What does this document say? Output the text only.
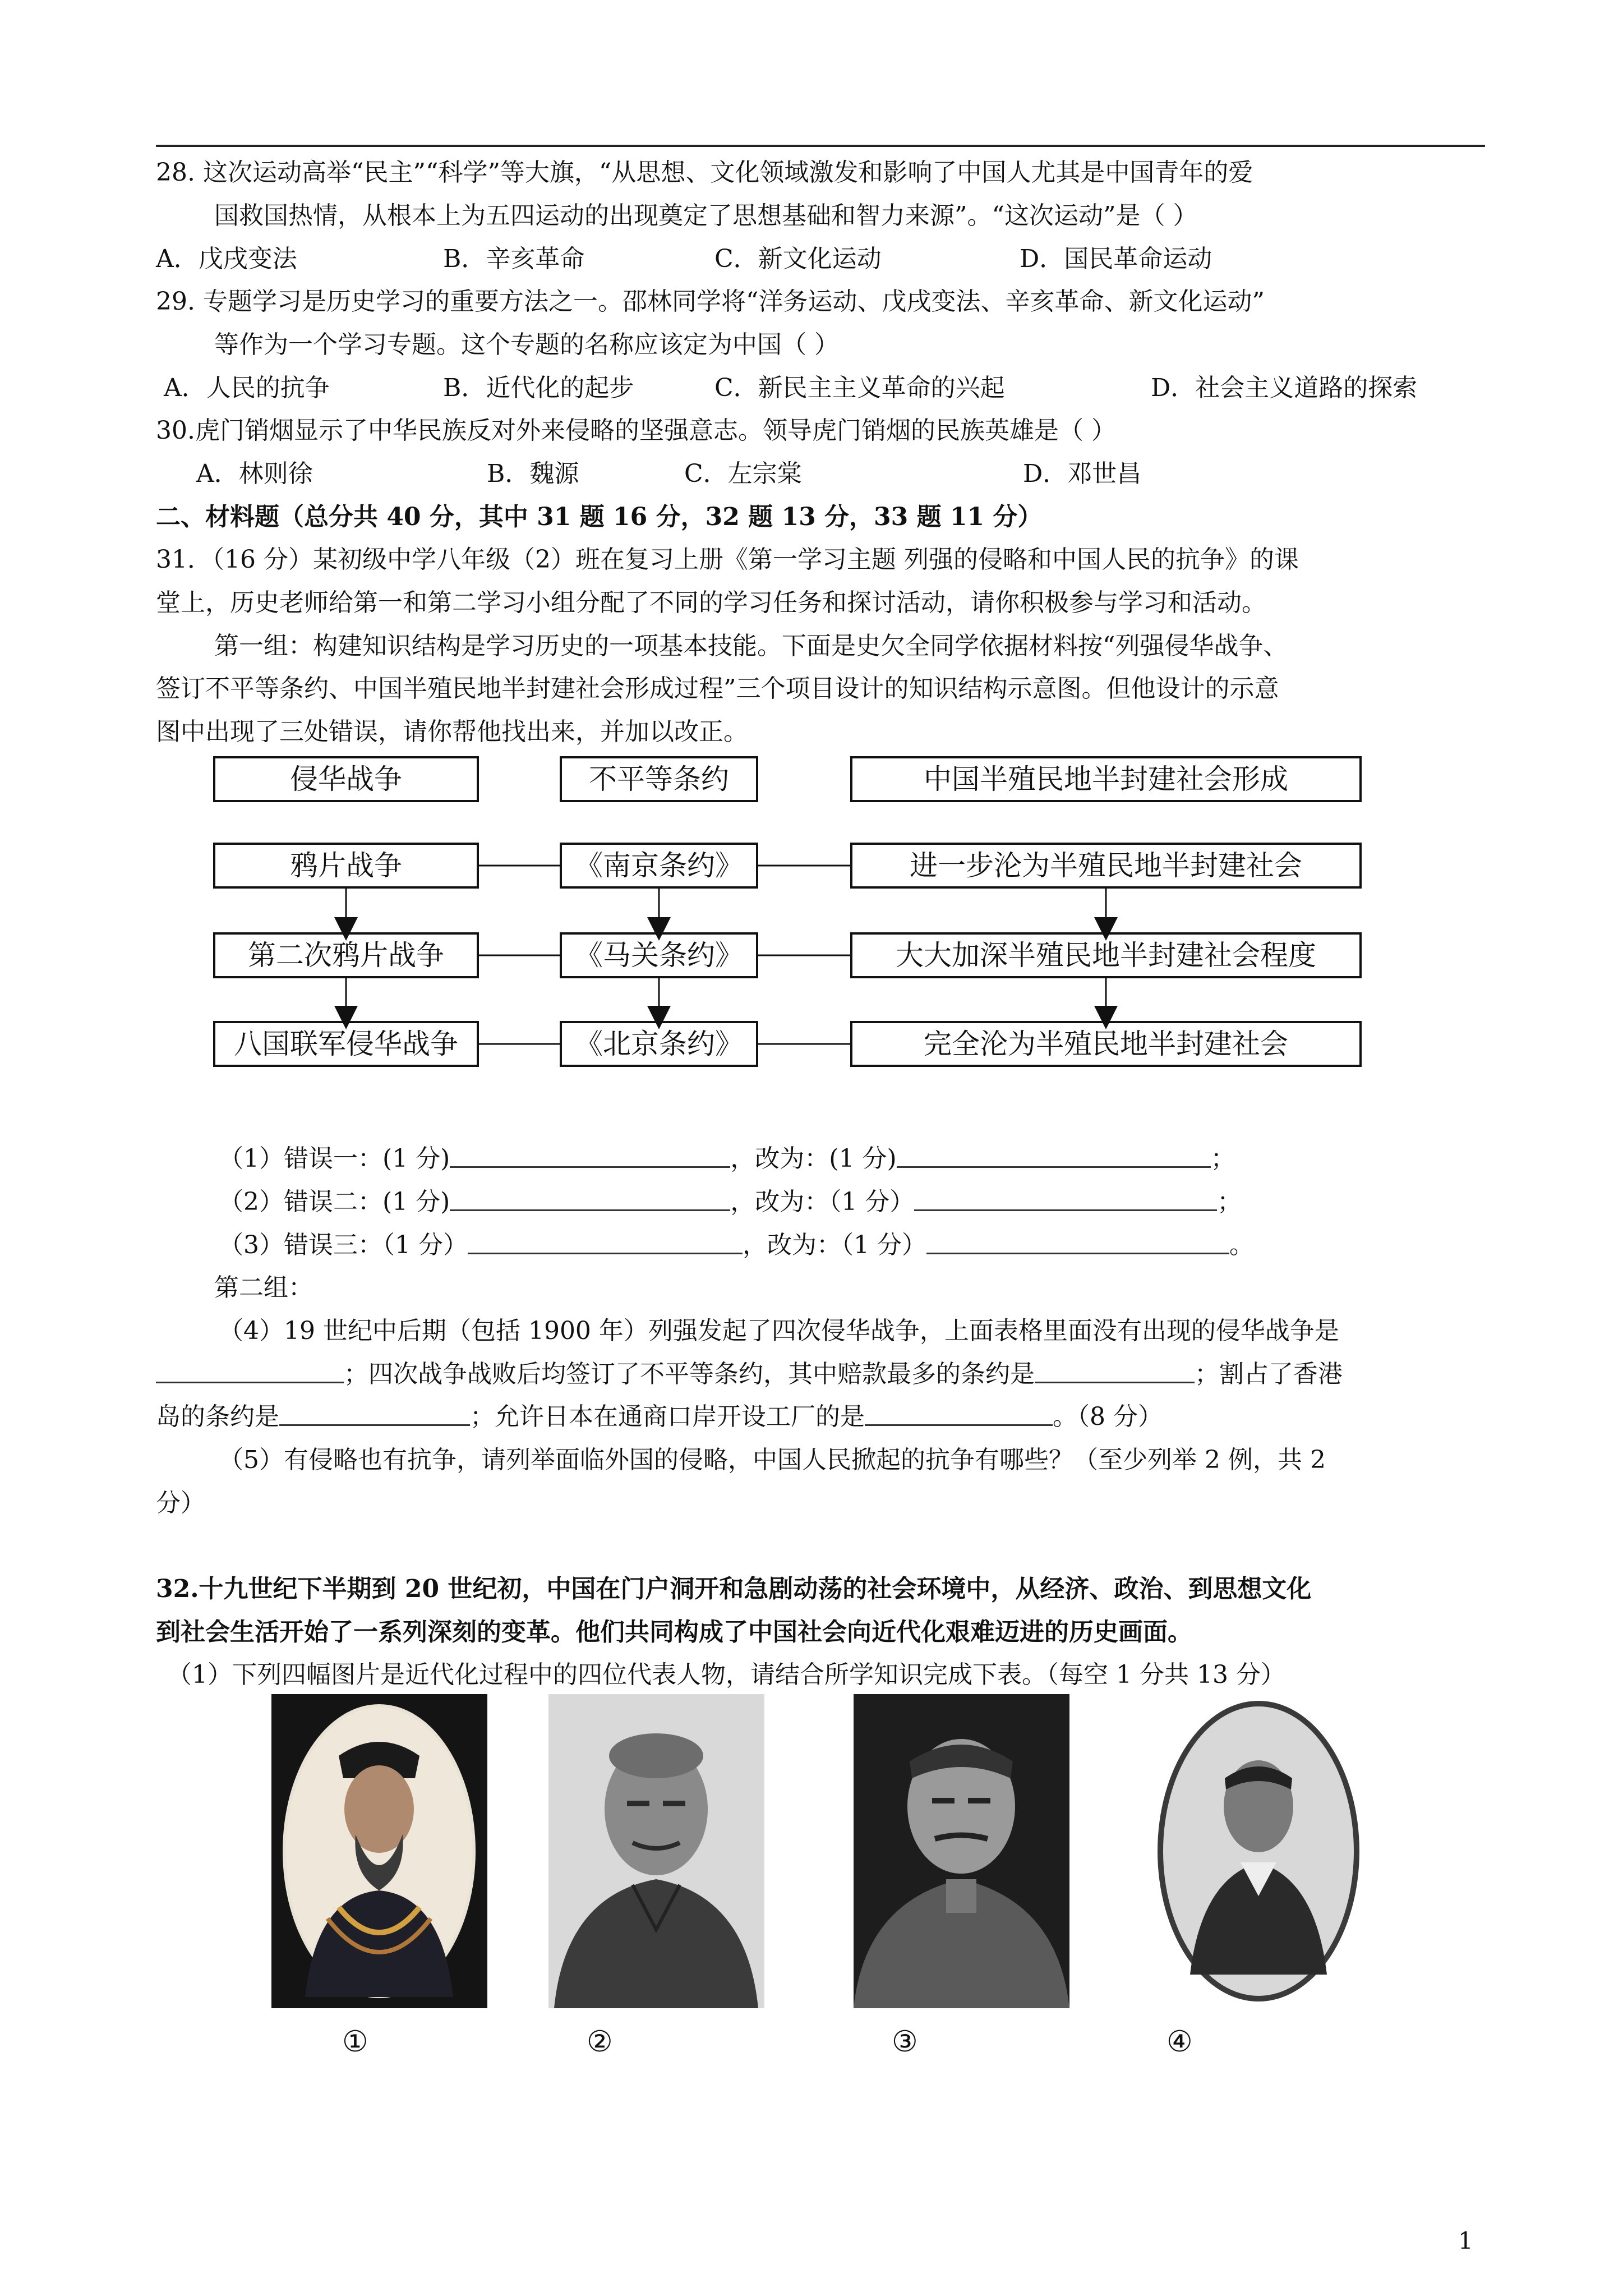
28. 这次运动高举“民主”“科学”等大旗，“从思想、文化领域激发和影响了中国人尤其是中国青年的爱
国救国热情，从根本上为五四运动的出现奠定了思想基础和智力来源”。“这次运动”是（ ）
A．戊戌变法	B．辛亥革命	C．新文化运动	D．国民革命运动
29. 专题学习是历史学习的重要方法之一。邵林同学将“洋务运动、戊戌变法、辛亥革命、新文化运动”
等作为一个学习专题。这个专题的名称应该定为中国（ ）
A．人民的抗争	B．近代化的起步	C．新民主主义革命的兴起	D．社会主义道路的探索
30.虎门销烟显示了中华民族反对外来侵略的坚强意志。领导虎门销烟的民族英雄是（ ）
A．林则徐	B．魏源	C．左宗棠	D．邓世昌
二、材料题（总分共 40 分，其中 31 题 16 分，32 题 13 分，33 题 11 分）
31．（16 分）某初级中学八年级（2）班在复习上册《第一学习主题 列强的侵略和中国人民的抗争》的课
堂上，历史老师给第一和第二学习小组分配了不同的学习任务和探讨活动，请你积极参与学习和活动。
第一组：构建知识结构是学习历史的一项基本技能。下面是史欠全同学依据材料按“列强侵华战争、
签订不平等条约、中国半殖民地半封建社会形成过程”三个项目设计的知识结构示意图。但他设计的示意
图中出现了三处错误，请你帮他找出来，并加以改正。
侵华战争	不平等条约	中国半殖民地半封建社会形成
鸦片战争	《南京条约》	进一步沦为半殖民地半封建社会
第二次鸦片战争	《马关条约》	大大加深半殖民地半封建社会程度
八国联军侵华战争	《北京条约》	完全沦为半殖民地半封建社会
（1）错误一：(1 分)	，改为：(1 分)	；
（2）错误二：(1 分)	，改为：（1 分）	；
（3）错误三：（1 分）	，改为：（1 分）	。
第二组：
（4）19 世纪中后期（包括 1900 年）列强发起了四次侵华战争，上面表格里面没有出现的侵华战争是
；四次战争战败后均签订了不平等条约，其中赔款最多的条约是	；割占了香港
岛的条约是	；允许日本在通商口岸开设工厂的是	。（8 分）
（5）有侵略也有抗争，请列举面临外国的侵略，中国人民掀起的抗争有哪些？（至少列举 2 例，共 2
分）
32.十九世纪下半期到 20 世纪初，中国在门户洞开和急剧动荡的社会环境中，从经济、政治、到思想文化
到社会生活开始了一系列深刻的变革。他们共同构成了中国社会向近代化艰难迈进的历史画面。
（1）下列四幅图片是近代化过程中的四位代表人物，请结合所学知识完成下表。（每空 1 分共 13 分）
①	②	③	④
1
